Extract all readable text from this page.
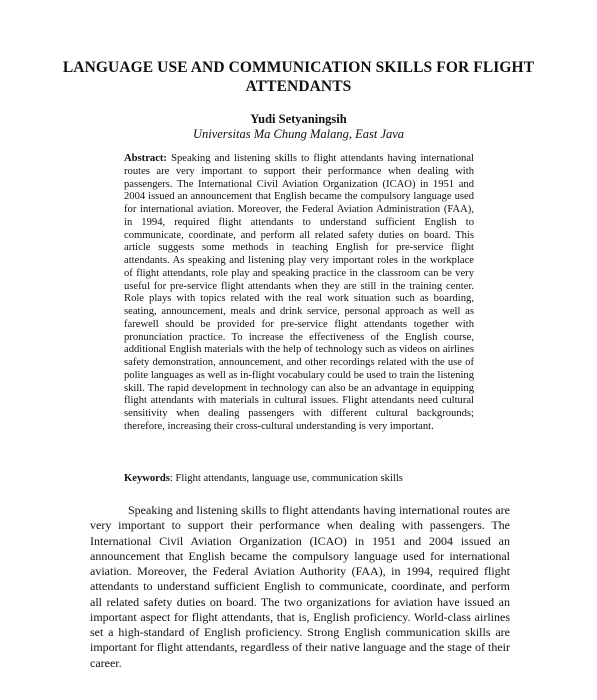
LANGUAGE USE AND COMMUNICATION SKILLS FOR FLIGHT ATTENDANTS
Yudi Setyaningsih
Universitas Ma Chung Malang, East Java

Abstract: Speaking and listening skills to flight attendants having international routes are very important to support their performance when dealing with passengers. The International Civil Aviation Organization (ICAO) in 1951 and 2004 issued an announcement that English became the compulsory language used for international aviation. Moreover, the Federal Aviation Administration (FAA), in 1994, required flight attendants to understand sufficient English to communicate, coordinate, and perform all related safety duties on board. This article suggests some methods in teaching English for pre-service flight attendants. As speaking and listening play very important roles in the workplace of flight attendants, role play and speaking practice in the classroom can be very useful for pre-service flight attendants when they are still in the training center. Role plays with topics related with the real work situation such as boarding, seating, announcement, meals and drink service, personal approach as well as farewell should be provided for pre-service flight attendants together with pronunciation practice. To increase the effectiveness of the English course, additional English materials with the help of technology such as videos on airlines safety demonstration, announcement, and other recordings related with the use of polite languages as well as in-flight vocabulary could be used to train the listening skill. The rapid development in technology can also be an advantage in equipping flight attendants with materials in cultural issues. Flight attendants need cultural sensitivity when dealing passengers with different cultural backgrounds; therefore, increasing their cross-cultural understanding is very important.

Keywords: Flight attendants, language use, communication skills

Speaking and listening skills to flight attendants having international routes are very important to support their performance when dealing with passengers. The International Civil Aviation Organization (ICAO) in 1951 and 2004 issued an announcement that English became the compulsory language used for international aviation. Moreover, the Federal Aviation Authority (FAA), in 1994, required flight attendants to understand sufficient English to communicate, coordinate, and perform all related safety duties on board. The two organizations for aviation have issued an important aspect for flight attendants, that is, English proficiency. World-class airlines set a high-standard of English proficiency. Strong English communication skills are important for flight attendants, regardless of their native language and the stage of their career.
